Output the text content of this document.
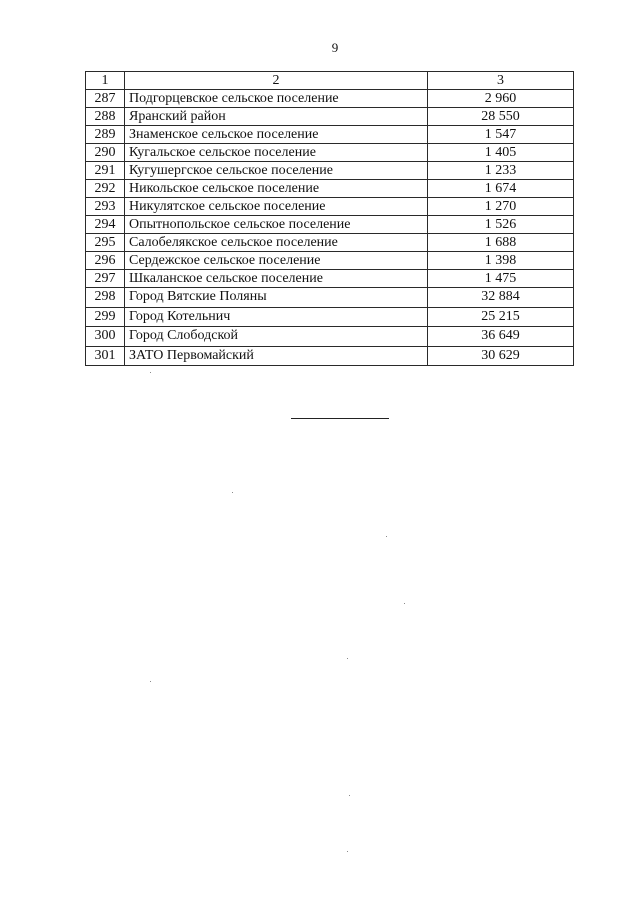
9
1	2	3
287	Подгорцевское сельское поселение	2 960
288	Яранский район	28 550
289	Знаменское сельское поселение	1 547
290	Кугальское сельское поселение	1 405
291	Кугушергское сельское поселение	1 233
292	Никольское сельское поселение	1 674
293	Никулятское сельское поселение	1 270
294	Опытнопольское сельское поселение	1 526
295	Салобелякское сельское поселение	1 688
296	Сердежское сельское поселение	1 398
297	Шкаланское сельское поселение	1 475
298	Город Вятские Поляны	32 884
299	Город Котельнич	25 215
300	Город Слободской	36 649
301	ЗАТО Первомайский	30 629
